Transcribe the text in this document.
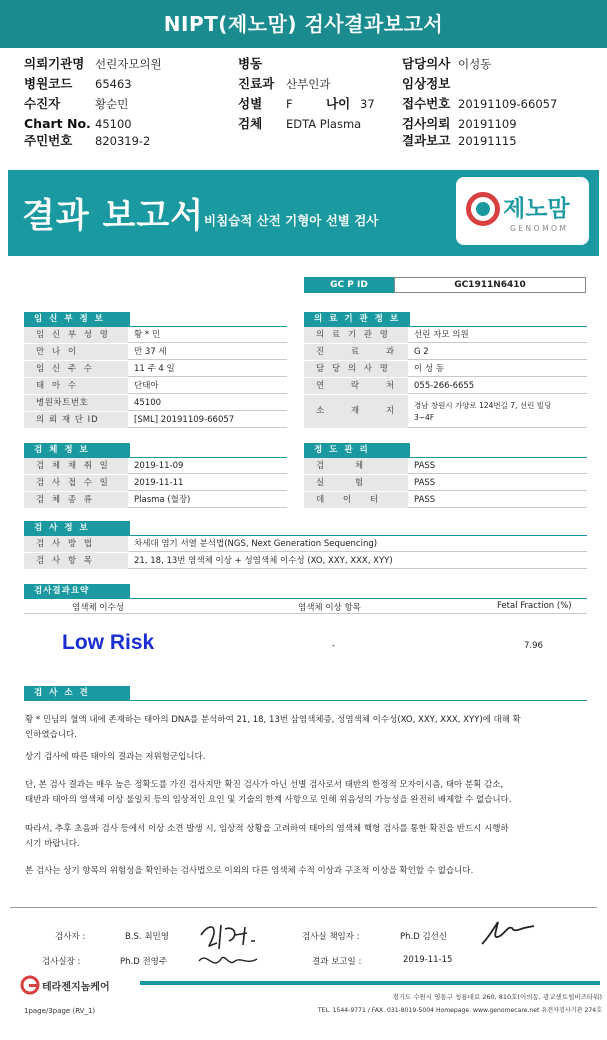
NIPT(제노맘) 검사결과보고서
의뢰기관명 선린자모의원
병원코드 65463
수진자	황순민
Chart No. 45100
주민번호 820319-2
병동
진료과 산부인과
성별 F	나이 37
검체 EDTA Plasma
담당의사 이성동
임상정보
접수번호 20191109-66057
검사의뢰 20191109
결과보고 20191115
결과 보고서 비침습적 산전 기형아 선별 검사	제노맘
GENOMOM
GC P ID	GC1911N6410
임 신 부 정 보
임 신 부 성 명	황 * 민
만 나 이	만 37 세
임 신 주 수	11 주 4 일
태 아 수	단태아
병원차트번호	45100
의 뢰 재 단 ID	[SML] 20191109-66057
의 료 기 관 정 보
의 료 기 관 명	선린 자모 의원
진 료 과 G 2
담 당 의 사 명	이 성 동
연 락 처 055-266-6655
소 재 지
경남 창원시 가양로 124번길 7, 선린 빌딩
3~4F
검 체 정 보
검 체 채 취 일	2019-11-09
검 사 접 수 일	2019-11-11
검 체 종 류	Plasma (혈장)
정 도 관 리
검 체	PASS
실 험	PASS
데 이 터	PASS
검 사 정 보
검 사 방 법	차세대 염기 서열 분석법(NGS, Next Generation Sequencing)
검 사 항 목	21, 18, 13번 염색체 이상 + 성염색체 이수성 (XO, XXY, XXX, XYY)
검사결과요약
염색체 이수성	염색체 이상 항목	Fetal Fraction (%)
Low Risk	-	7.96
검 사 소 견
황 * 민님의 혈액 내에 존재하는 태아의 DNA를 분석하여 21, 18, 13번 삼염색체증, 성염색체 이수성(XO, XXY, XXX, XYY)에 대해 확
인하였습니다.
상기 검사에 따른 태아의 결과는 저위험군입니다.
단, 본 검사 결과는 매우 높은 정확도를 가진 검사지만 확진 검사가 아닌 선별 검사로서 태반의 한정적 모자이시즘, 태아 분획 감소,
태반과 태아의 염색체 이상 불일치 등의 임상적인 요인 및 기술의 한계 사항으로 인해 위음성의 가능성을 완전히 배제할 수 없습니다.
따라서, 추후 초음파 검사 등에서 이상 소견 발생 시, 임상적 상황을 고려하여 태아의 염색체 핵형 검사를 통한 확진을 반드시 시행하
시기 바랍니다.
본 검사는 상기 항목의 위험성을 확인하는 검사법으로 이외의 다른 염색체 수적 이상과 구조적 이상을 확인할 수 없습니다.
검사자 :	B.S. 최민영
검사실장 :	Ph.D 전영주
검사실 책임자 :	Ph.D 김선신
결과 보고일 :	2019-11-15
테라젠지놈케어
경기도 수원시 영통구 청룡대로 260, 810호(이의동, 광교센트럴비즈타워)
TEL. 1544-9771 / FAX. 031-8019-5004 Homepage. www.genomecare.net 유전자검사기관 274호
1page/3page (RV_1)
